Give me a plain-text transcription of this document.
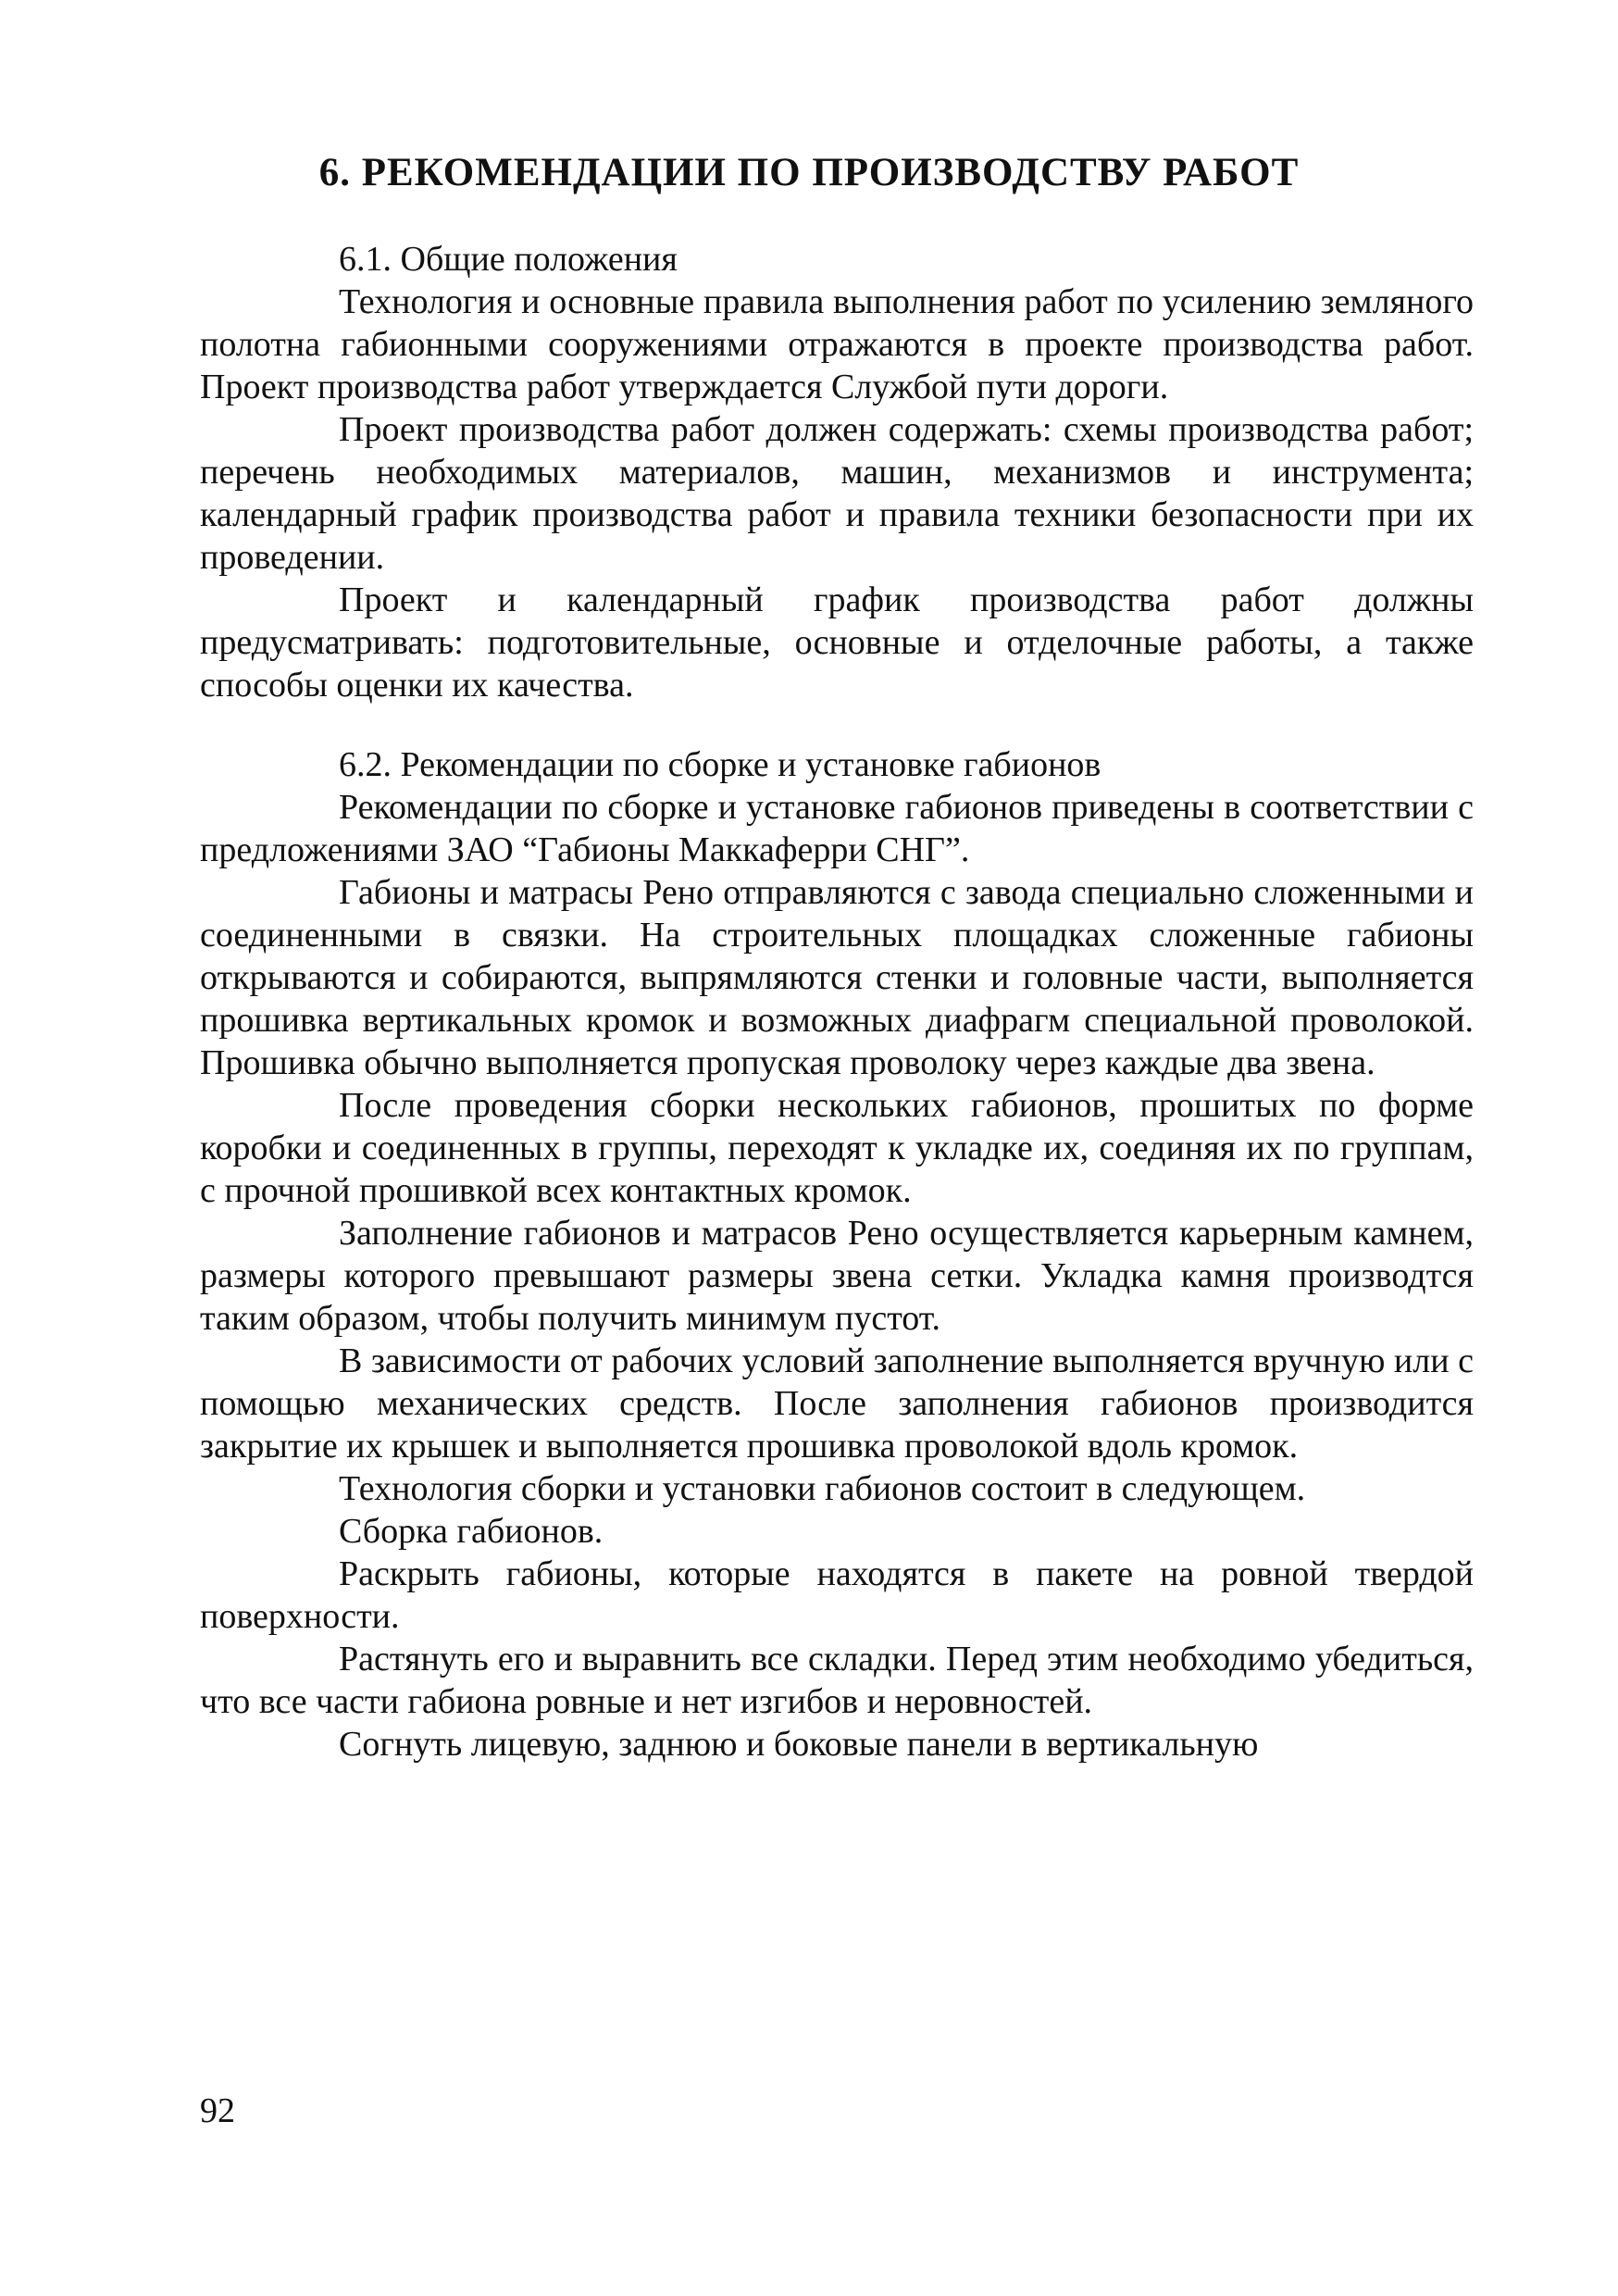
6. РЕКОМЕНДАЦИИ ПО ПРОИЗВОДСТВУ РАБОТ
6.1. Общие положения

Технология и основные правила выполнения работ по усилению земляного полотна габионными сооружениями отражаются в проекте производства работ. Проект производства работ утверждается Службой пути дороги.

Проект производства работ должен содержать: схемы производства работ; перечень необходимых материалов, машин, механизмов и инструмента; календарный график производства работ и правила техники безопасности при их проведении.

Проект и календарный график производства работ должны предусматривать: подготовительные, основные и отделочные работы, а также способы оценки их качества.

6.2. Рекомендации по сборке и установке габионов

Рекомендации по сборке и установке габионов приведены в соответствии с предложениями ЗАО “Габионы Маккаферри СНГ”.

Габионы и матрасы Рено отправляются с завода специально сложенными и соединенными в связки. На строительных площадках сложенные габионы открываются и собираются, выпрямляются стенки и головные части, выполняется прошивка вертикальных кромок и возможных диафрагм специальной проволокой. Прошивка обычно выполняется пропуская проволоку через каждые два звена.

После проведения сборки нескольких габионов, прошитых по форме коробки и соединенных в группы, переходят к укладке их, соединяя их по группам, с прочной прошивкой всех контактных кромок.

Заполнение габионов и матрасов Рено осуществляется карьерным камнем, размеры которого превышают размеры звена сетки. Укладка камня производтся таким образом, чтобы получить минимум пустот.

В зависимости от рабочих условий заполнение выполняется вручную или с помощью механических средств. После заполнения габионов производится закрытие их крышек и выполняется прошивка проволокой вдоль кромок.

Технология сборки и установки габионов состоит в следующем.

Сборка габионов.

Раскрыть габионы, которые находятся в пакете на ровной твердой поверхности.

Растянуть его и выравнить все складки. Перед этим необходимо убедиться, что все части габиона ровные и нет изгибов и неровностей.

Согнуть лицевую, заднюю и боковые панели в вертикальную

92
